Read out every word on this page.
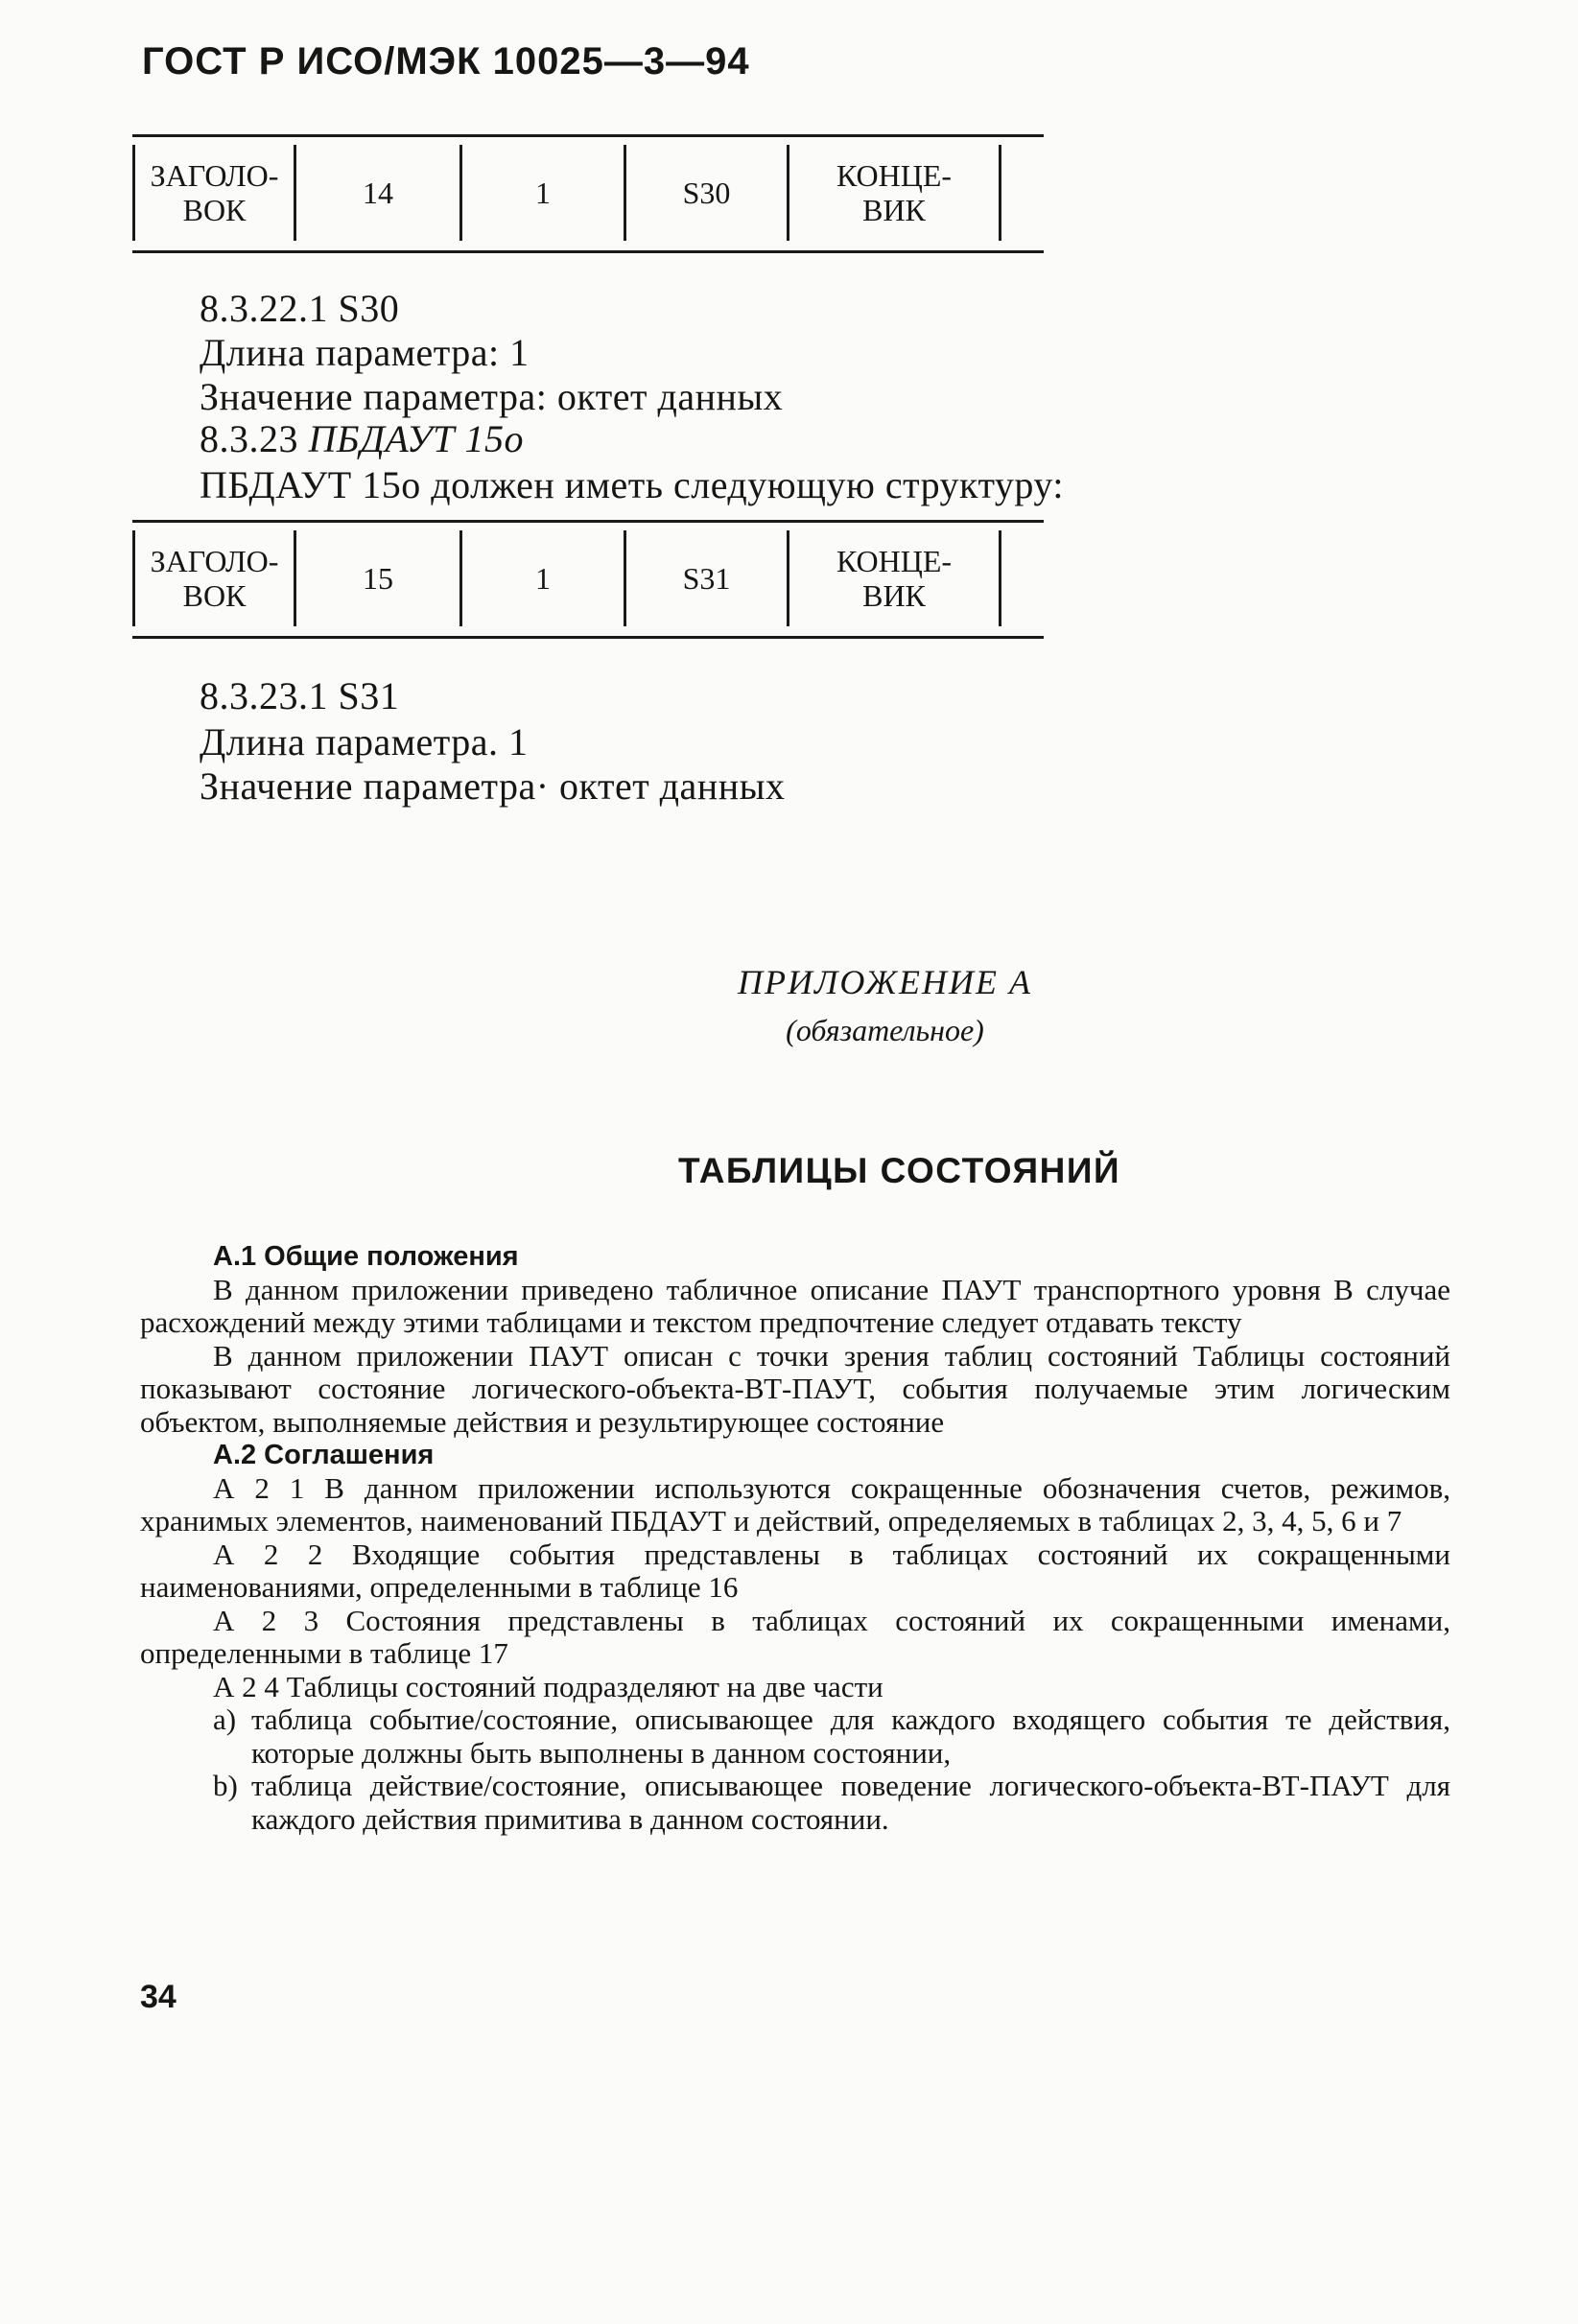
ГОСТ Р ИСО/МЭК 10025—3—94
ЗАГОЛО-
ВОК	14	1	S30	КОНЦЕ-
ВИК
8.3.22.1 S30
Длина параметра: 1
Значение параметра: октет данных
8.3.23 ПБДАУТ 15о
ПБДАУТ 15о должен иметь следующую структуру:
ЗАГОЛО-
ВОК	15	1	S31	КОНЦЕ-
ВИК
8.3.23.1 S31
Длина параметра. 1
Значение параметра· октет данных
ПРИЛОЖЕНИЕ А
(обязательное)
ТАБЛИЦЫ СОСТОЯНИЙ
А.1 Общие положения

В данном приложении приведено табличное описание ПАУТ транспортного уровня В случае расхождений между этими таблицами и текстом предпочтение следует отдавать тексту

В данном приложении ПАУТ описан с точки зрения таблиц состояний Таблицы состояний показывают состояние логического-объекта-ВТ-ПАУТ, события получаемые этим логическим объектом, выполняемые действия и результирующее состояние

А.2 Соглашения

А 2 1 В данном приложении используются сокращенные обозначения счетов, режимов, хранимых элементов, наименований ПБДАУТ и действий, определяемых в таблицах 2, 3, 4, 5, 6 и 7

А 2 2 Входящие события представлены в таблицах состояний их сокращенными наименованиями, определенными в таблице 16

А 2 3 Состояния представлены в таблицах состояний их сокращенными именами, определенными в таблице 17

А 2 4 Таблицы состояний подразделяют на две части

а) таблица событие/состояние, описывающее для каждого входящего события те действия, которые должны быть выполнены в данном состоянии,
b) таблица действие/состояние, описывающее поведение логического-объекта-ВТ-ПАУТ для каждого действия примитива в данном состоянии.
34
